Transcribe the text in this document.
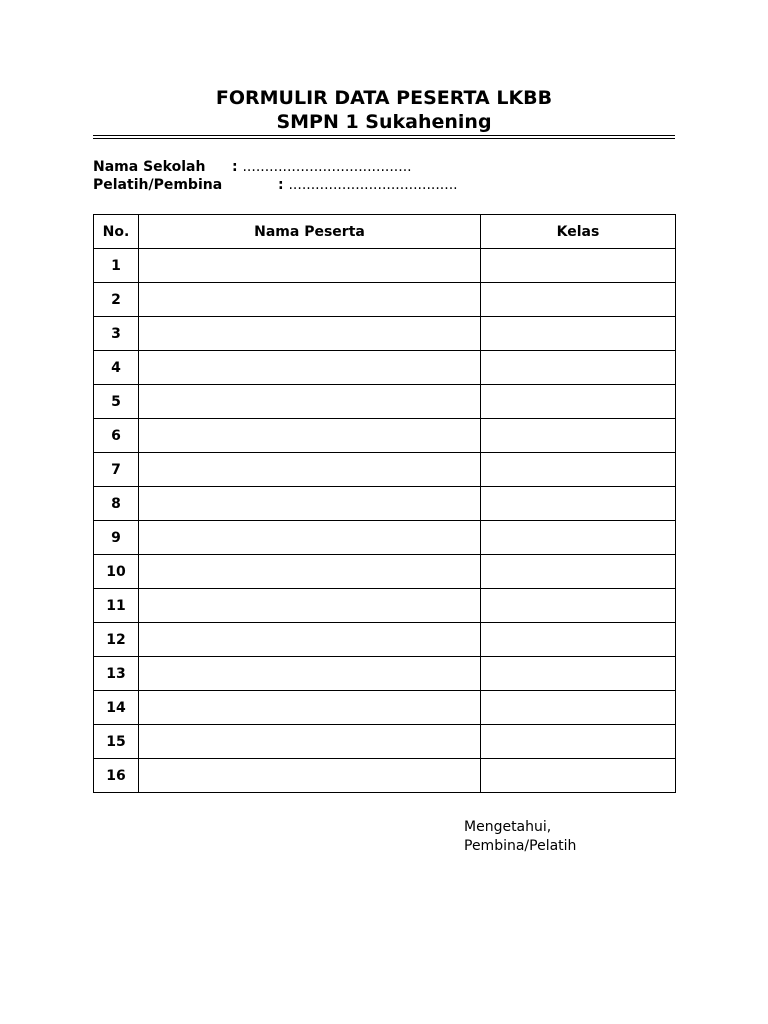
FORMULIR DATA PESERTA LKBB

SMPN 1 Sukahening

Nama Sekolah : ......................................
Pelatih/Pembina	: ......................................
No.	Nama Peserta	Kelas
1		
2		
3		
4		
5		
6		
7		
8		
9		
10		
11		
12		
13		
14		
15		
16		
Mengetahui,
Pembina/Pelatih
